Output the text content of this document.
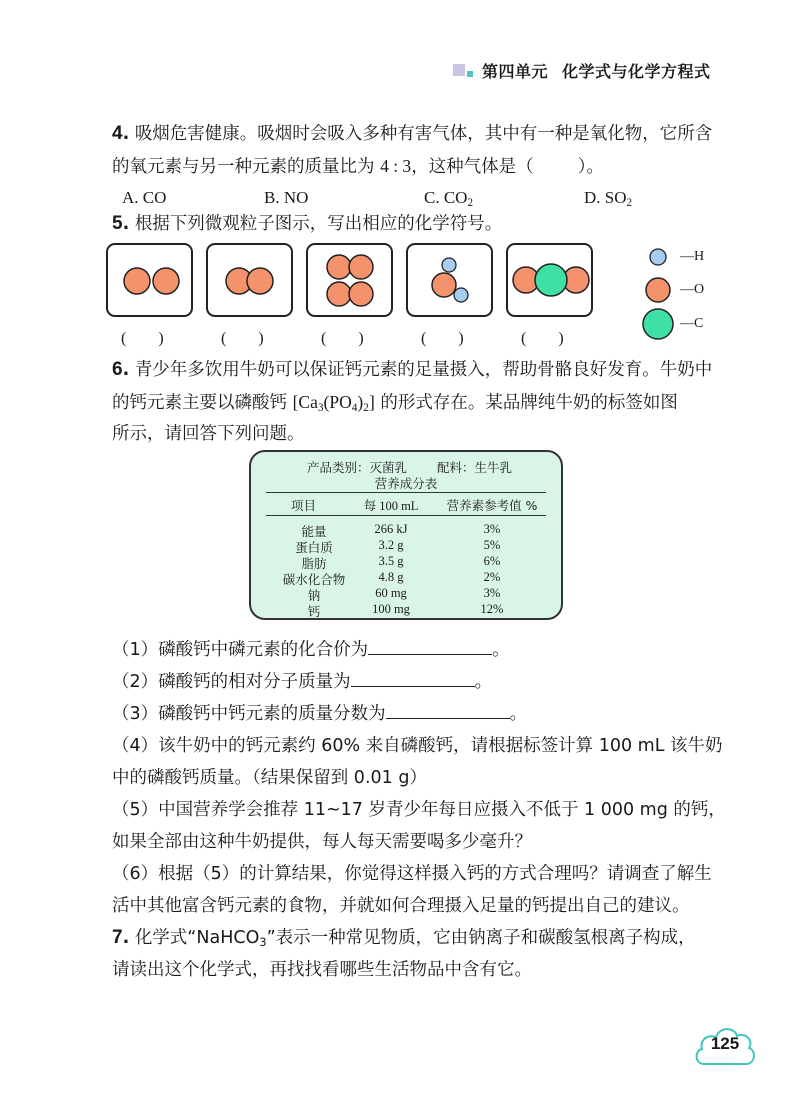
第四单元 化学式与化学方程式
4. 吸烟危害健康。吸烟时会吸入多种有害气体，其中有一种是氧化物，它所含
的氧元素与另一种元素的质量比为 4 : 3，这种气体是（	）。
A. CO	B. NO	C. $CO_2$	D. $SO_2$
5. 根据下列微观粒子图示，写出相应的化学符号。
(　　)	(　　)	(　　)	(　　)	(　　)
—H
—O
—C
6. 青少年多饮用牛奶可以保证钙元素的足量摄入，帮助骨骼良好发育。牛奶中
的钙元素主要以磷酸钙 $[Ca_3(PO_4)_2]$ 的形式存在。某品牌纯牛奶的标签如图
所示，请回答下列问题。
产品类别：灭菌乳 配料：生牛乳
营养成分表
项目	每 100 mL	营养素参考值 %
能量	266 kJ	3%
蛋白质	3.2 g	5%
脂肪	3.5 g	6%
碳水化合物	4.8 g	2%
钠	60 mg	3%
钙	100 mg	12%
（1）磷酸钙中磷元素的化合价为	。
（2）磷酸钙的相对分子质量为	。
（3）磷酸钙中钙元素的质量分数为	。
（4）该牛奶中的钙元素约 60% 来自磷酸钙，请根据标签计算 100 mL 该牛奶
中的磷酸钙质量。（结果保留到 0.01 g）
（5）中国营养学会推荐 11~17 岁青少年每日应摄入不低于 1 000 mg 的钙，
如果全部由这种牛奶提供，每人每天需要喝多少毫升？
（6）根据（5）的计算结果，你觉得这样摄入钙的方式合理吗？请调查了解生
活中其他富含钙元素的食物，并就如何合理摄入足量的钙提出自己的建议。
7. 化学式“NaHCO$_3$”表示一种常见物质，它由钠离子和碳酸氢根离子构成，
请读出这个化学式，再找找看哪些生活物品中含有它。
125
